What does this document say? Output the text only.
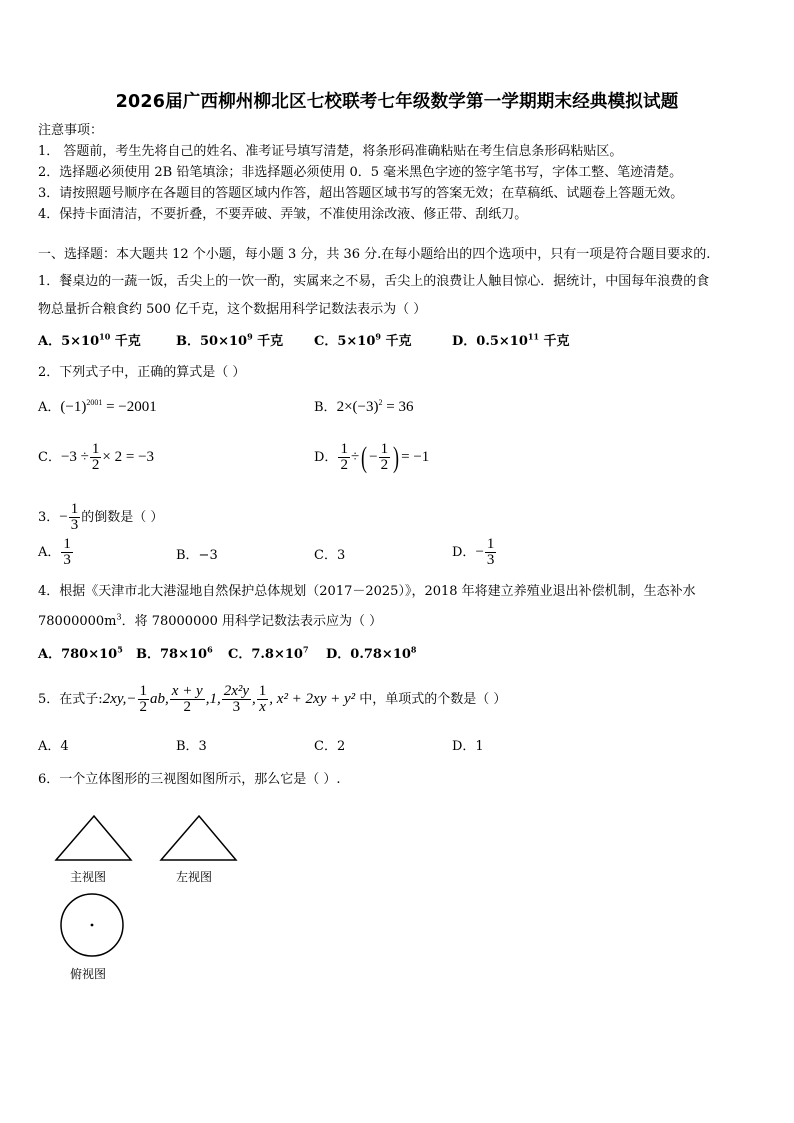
2026届广西柳州柳北区七校联考七年级数学第一学期期末经典模拟试题
注意事项：
1． 答题前，考生先将自己的姓名、准考证号填写清楚，将条形码准确粘贴在考生信息条形码粘贴区。
2．选择题必须使用 2B 铅笔填涂；非选择题必须使用 0．5 毫米黑色字迹的签字笔书写，字体工整、笔迹清楚。
3．请按照题号顺序在各题目的答题区域内作答，超出答题区域书写的答案无效；在草稿纸、试题卷上答题无效。
4．保持卡面清洁，不要折叠，不要弄破、弄皱，不准使用涂改液、修正带、刮纸刀。
一、选择题：本大题共 12 个小题，每小题 3 分，共 36 分.在每小题给出的四个选项中，只有一项是符合题目要求的.
1．餐桌边的一蔬一饭，舌尖上的一饮一酌，实属来之不易，舌尖上的浪费让人触目惊心．据统计，中国每年浪费的食
物总量折合粮食约 500 亿千克，这个数据用科学记数法表示为（ ）
A．$5\times 10^{10}$ 千克	B．$50\times 10^9$ 千克 C．$5\times 10^9$ 千克	D．$0.5\times 10^{11}$ 千克
2．下列式子中，正确的算式是（ ）
A．$(-1)^{2001} = -2001$	B．$2\times(-3)^2 = 36$
C．$-3 \div \frac{1}{2} \times 2 = -3$	D． $\frac{1}{2}$ ÷( − $\frac{1}{2}$ ) = −1
3．− $\frac{1}{3}$ 的倒数是（ ）
A． $\frac{1}{3}$	B．−3	C．3	D．− $\frac{1}{3}$
4．根据《天津市北大港湿地自然保护总体规划（2017－2025）》，2018 年将建立养殖业退出补偿机制，生态补水
$78000000m^3$．将 78000000 用科学记数法表示应为（ ）
A．$780\times 10^5$ B．$78\times 10^6$ C．$7.8\times 10^7$ D．$0.78\times 10^8$
5．在式子:2xy,− $\frac{1}{2}$ ab, $\frac{x + y}{2} ,1$, $\frac{\text{2x²y}}{3}$ , $\frac{1}{x}$ , x² + 2xy + y² 中，单项式的个数是（ ）
A．4	B．3	C．2	D．1
6．一个立体图形的三视图如图所示，那么它是（ ）.
主视图	左视图
俯视图
